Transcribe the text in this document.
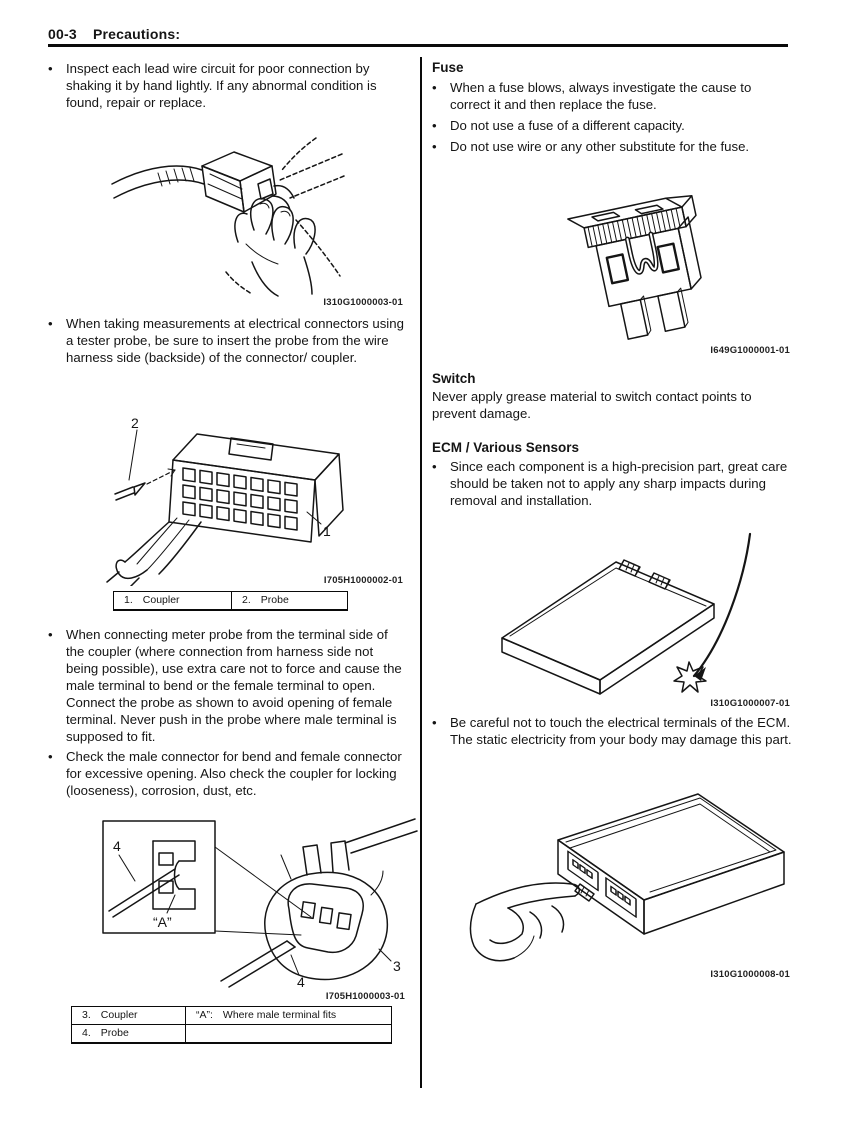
00-3 Precautions:
•
Inspect each lead wire circuit for poor connection by shaking it by hand lightly. If any abnormal condition is found, repair or replace.
I310G1000003-01
•
When taking measurements at electrical connectors using a tester probe, be sure to insert the probe from the wire harness side (backside) of the connector/ coupler.
2
1
I705H1000002-01
1. Coupler	2. Probe
•
When connecting meter probe from the terminal side of the coupler (where connection from harness side not being possible), use extra care not to force and cause the male terminal to bend or the female terminal to open. Connect the probe as shown to avoid opening of female terminal. Never push in the probe where male terminal is supposed to fit.
•
Check the male connector for bend and female connector for excessive opening. Also check the coupler for locking (looseness), corrosion, dust, etc.
4
“A”
3
4
I705H1000003-01
3. Coupler	“A”: Where male terminal fits
4. Probe
Fuse
•
When a fuse blows, always investigate the cause to correct it and then replace the fuse.
•
Do not use a fuse of a different capacity.
•
Do not use wire or any other substitute for the fuse.
I649G1000001-01
Switch
Never apply grease material to switch contact points to prevent damage.
ECM / Various Sensors
•
Since each component is a high-precision part, great care should be taken not to apply any sharp impacts during removal and installation.
I310G1000007-01
•
Be careful not to touch the electrical terminals of the ECM. The static electricity from your body may damage this part.
I310G1000008-01
